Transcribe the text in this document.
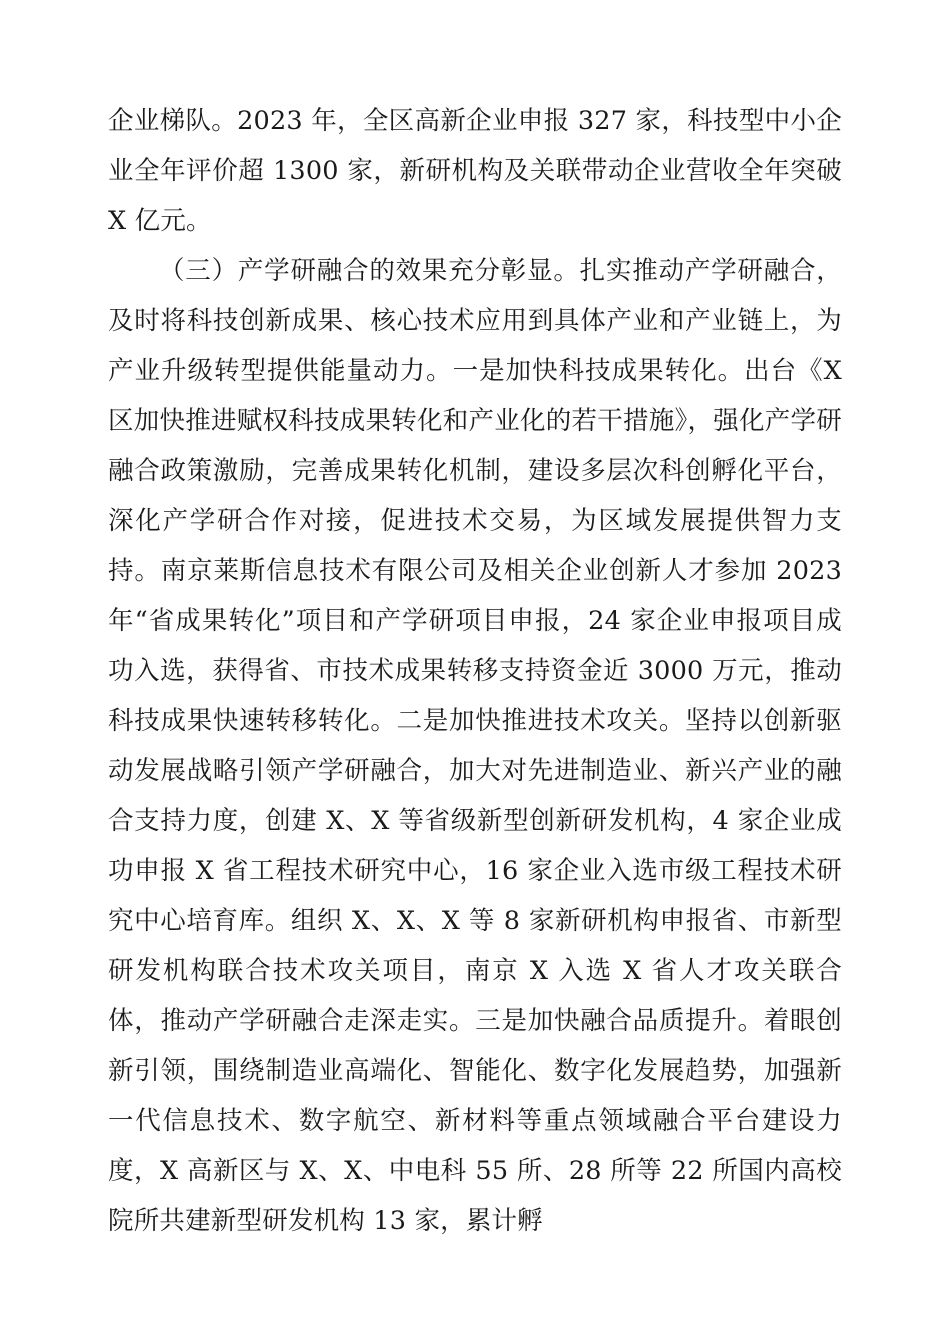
企业梯队。2023 年，全区高新企业申报 327 家，科技型中小企业全年评价超 1300 家，新研机构及关联带动企业营收全年突破 X 亿元。

（三）产学研融合的效果充分彰显。扎实推动产学研融合，及时将科技创新成果、核心技术应用到具体产业和产业链上，为产业升级转型提供能量动力。一是加快科技成果转化。出台《X 区加快推进赋权科技成果转化和产业化的若干措施》，强化产学研融合政策激励，完善成果转化机制，建设多层次科创孵化平台，深化产学研合作对接，促进技术交易，为区域发展提供智力支持。南京莱斯信息技术有限公司及相关企业创新人才参加 2023 年“省成果转化”项目和产学研项目申报，24 家企业申报项目成功入选，获得省、市技术成果转移支持资金近 3000 万元，推动科技成果快速转移转化。二是加快推进技术攻关。坚持以创新驱动发展战略引领产学研融合，加大对先进制造业、新兴产业的融合支持力度，创建 X、X 等省级新型创新研发机构，4 家企业成功申报 X 省工程技术研究中心，16 家企业入选市级工程技术研究中心培育库。组织 X、X、X 等 8 家新研机构申报省、市新型研发机构联合技术攻关项目，南京 X 入选 X 省人才攻关联合体，推动产学研融合走深走实。三是加快融合品质提升。着眼创新引领，围绕制造业高端化、智能化、数字化发展趋势，加强新一代信息技术、数字航空、新材料等重点领域融合平台建设力度，X 高新区与 X、X、中电科 55 所、28 所等 22 所国内高校院所共建新型研发机构 13 家，累计孵
